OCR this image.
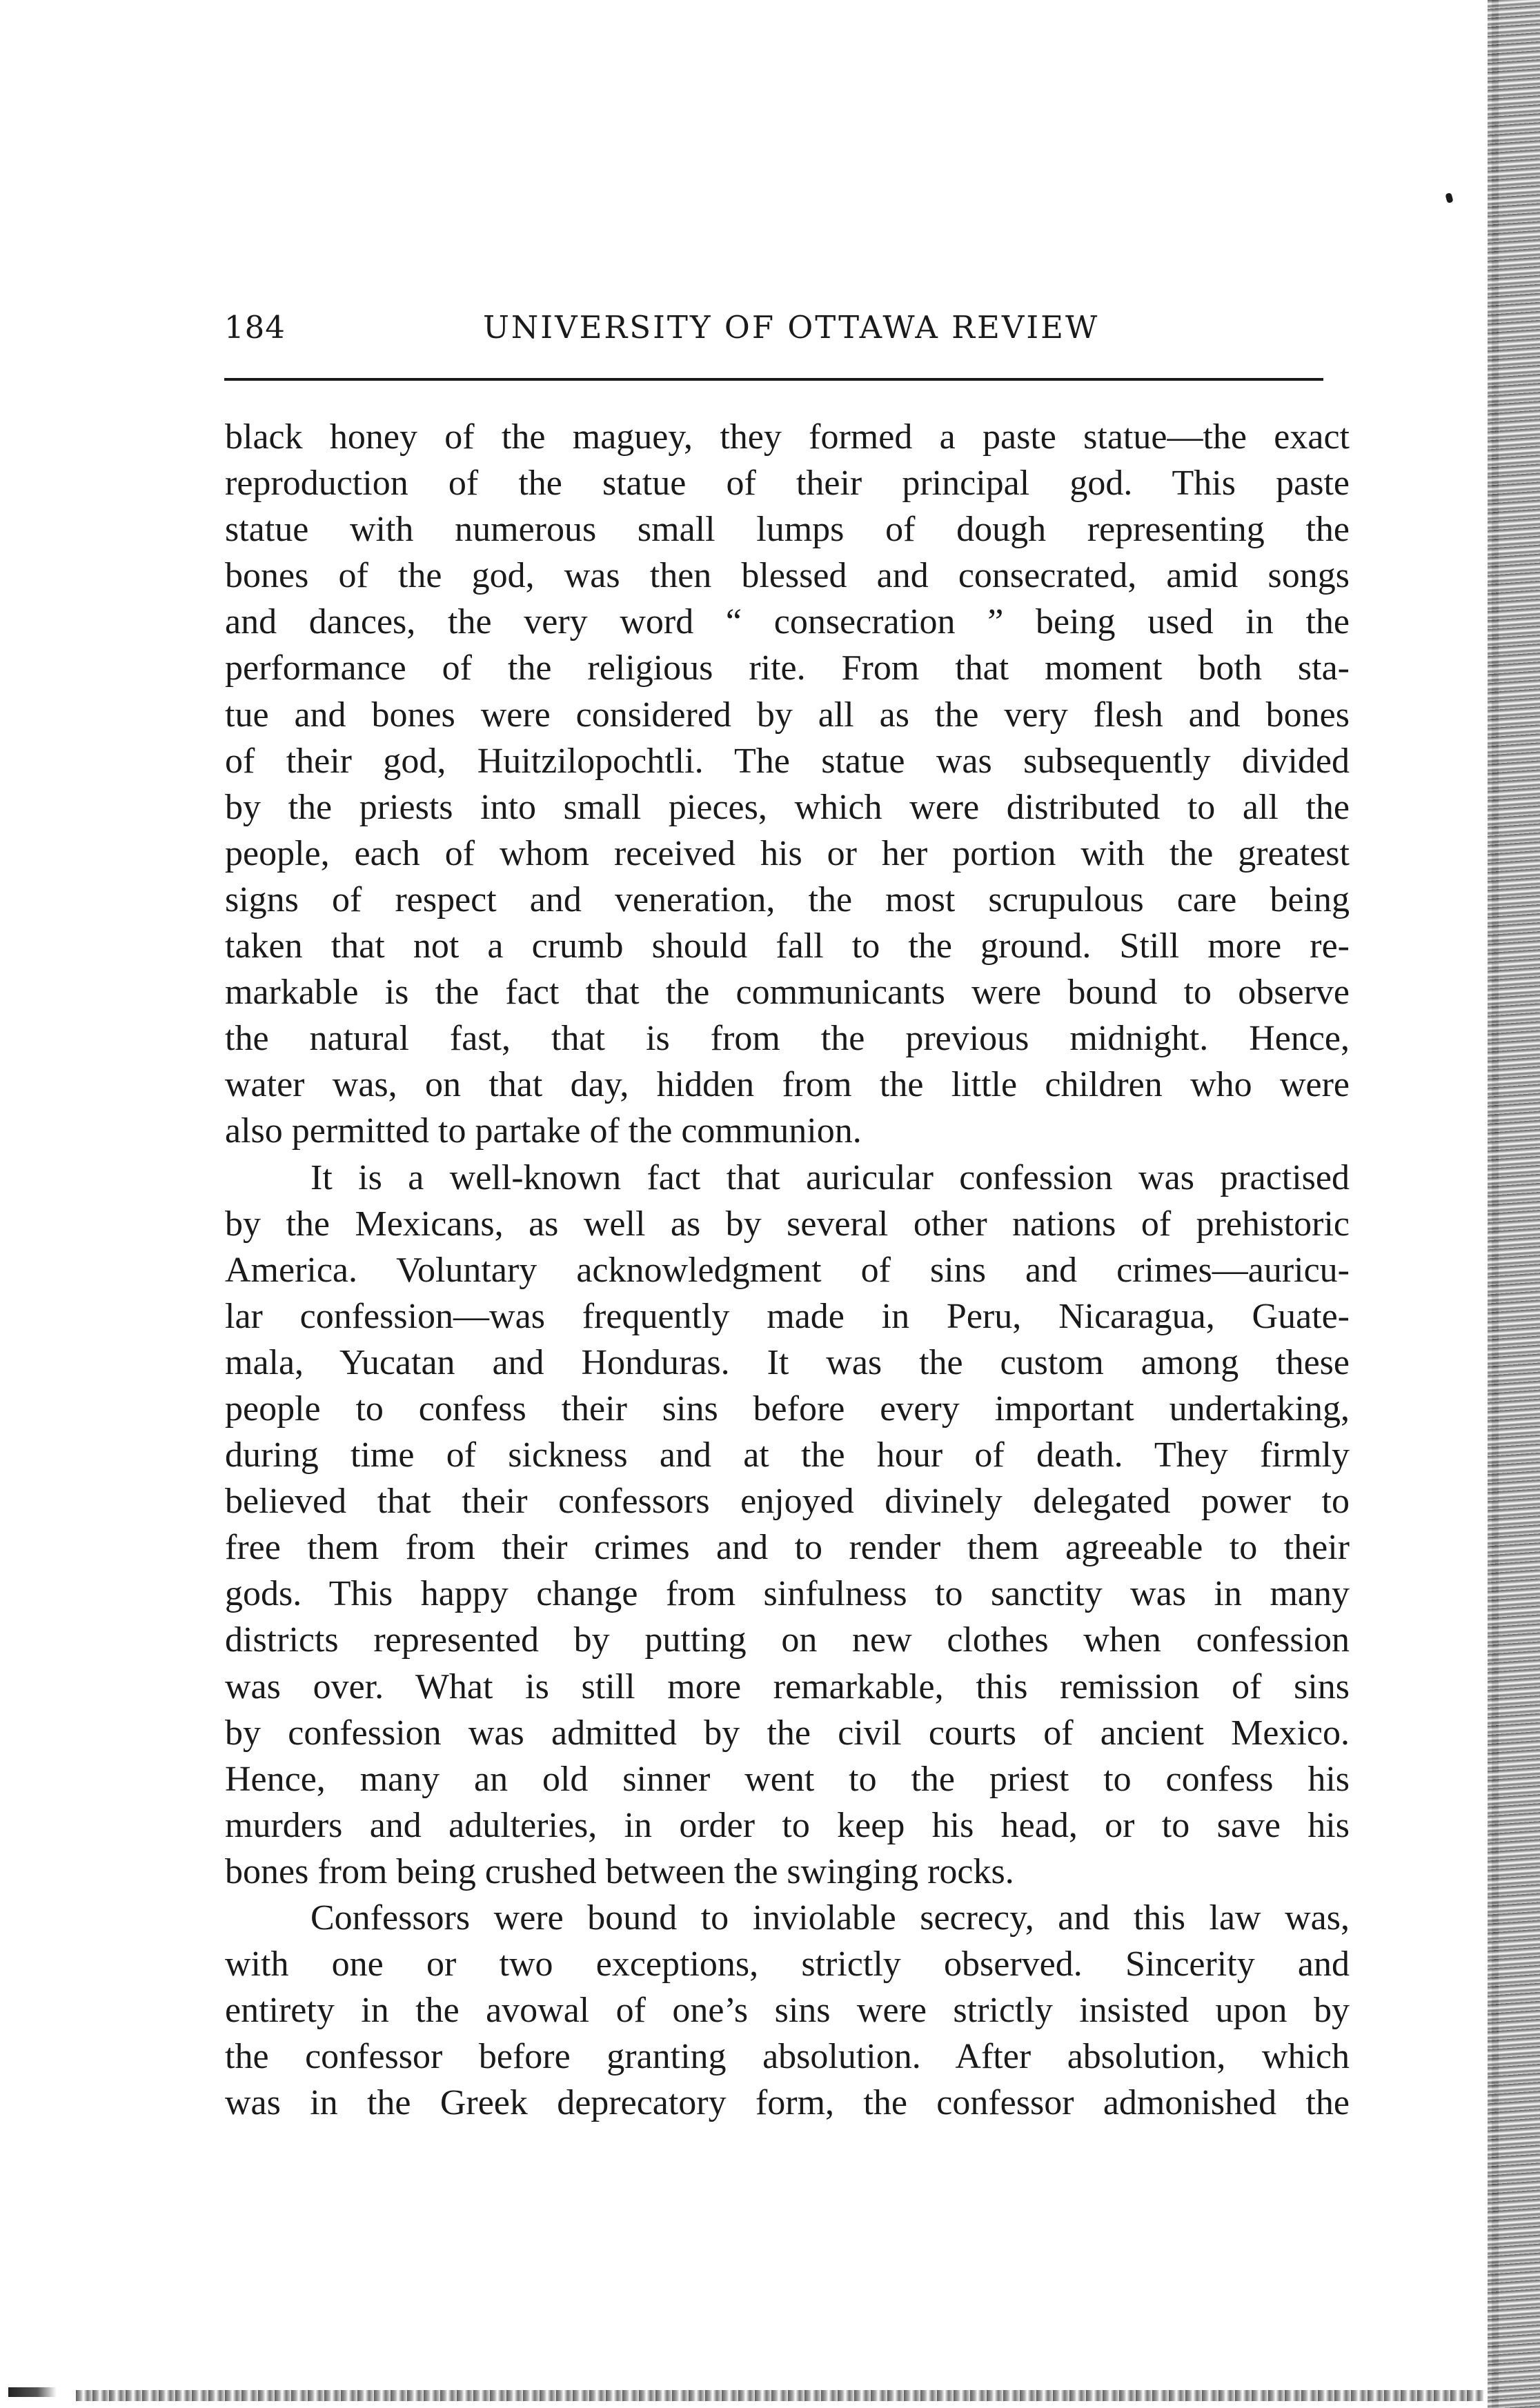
184	UNIVERSITY OF OTTAWA REVIEW
black honey of the maguey, they formed a paste statue—the exact
reproduction of the statue of their principal god. This paste
statue with numerous small lumps of dough representing the
bones of the god, was then blessed and consecrated, amid songs
and dances, the very word “ consecration ” being used in the
performance of the religious rite. From that moment both sta-
tue and bones were considered by all as the very flesh and bones
of their god, Huitzilopochtli. The statue was subsequently divided
by the priests into small pieces, which were distributed to all the
people, each of whom received his or her portion with the greatest
signs of respect and veneration, the most scrupulous care being
taken that not a crumb should fall to the ground. Still more re-
markable is the fact that the communicants were bound to observe
the natural fast, that is from the previous midnight. Hence,
water was, on that day, hidden from the little children who were
also permitted to partake of the communion.
It is a well-known fact that auricular confession was practised
by the Mexicans, as well as by several other nations of prehistoric
America. Voluntary acknowledgment of sins and crimes—auricu-
lar confession—was frequently made in Peru, Nicaragua, Guate-
mala, Yucatan and Honduras. It was the custom among these
people to confess their sins before every important undertaking,
during time of sickness and at the hour of death. They firmly
believed that their confessors enjoyed divinely delegated power to
free them from their crimes and to render them agreeable to their
gods. This happy change from sinfulness to sanctity was in many
districts represented by putting on new clothes when confession
was over. What is still more remarkable, this remission of sins
by confession was admitted by the civil courts of ancient Mexico.
Hence, many an old sinner went to the priest to confess his
murders and adulteries, in order to keep his head, or to save his
bones from being crushed between the swinging rocks.
Confessors were bound to inviolable secrecy, and this law was,
with one or two exceptions, strictly observed. Sincerity and
entirety in the avowal of one’s sins were strictly insisted upon by
the confessor before granting absolution. After absolution, which
was in the Greek deprecatory form, the confessor admonished the
